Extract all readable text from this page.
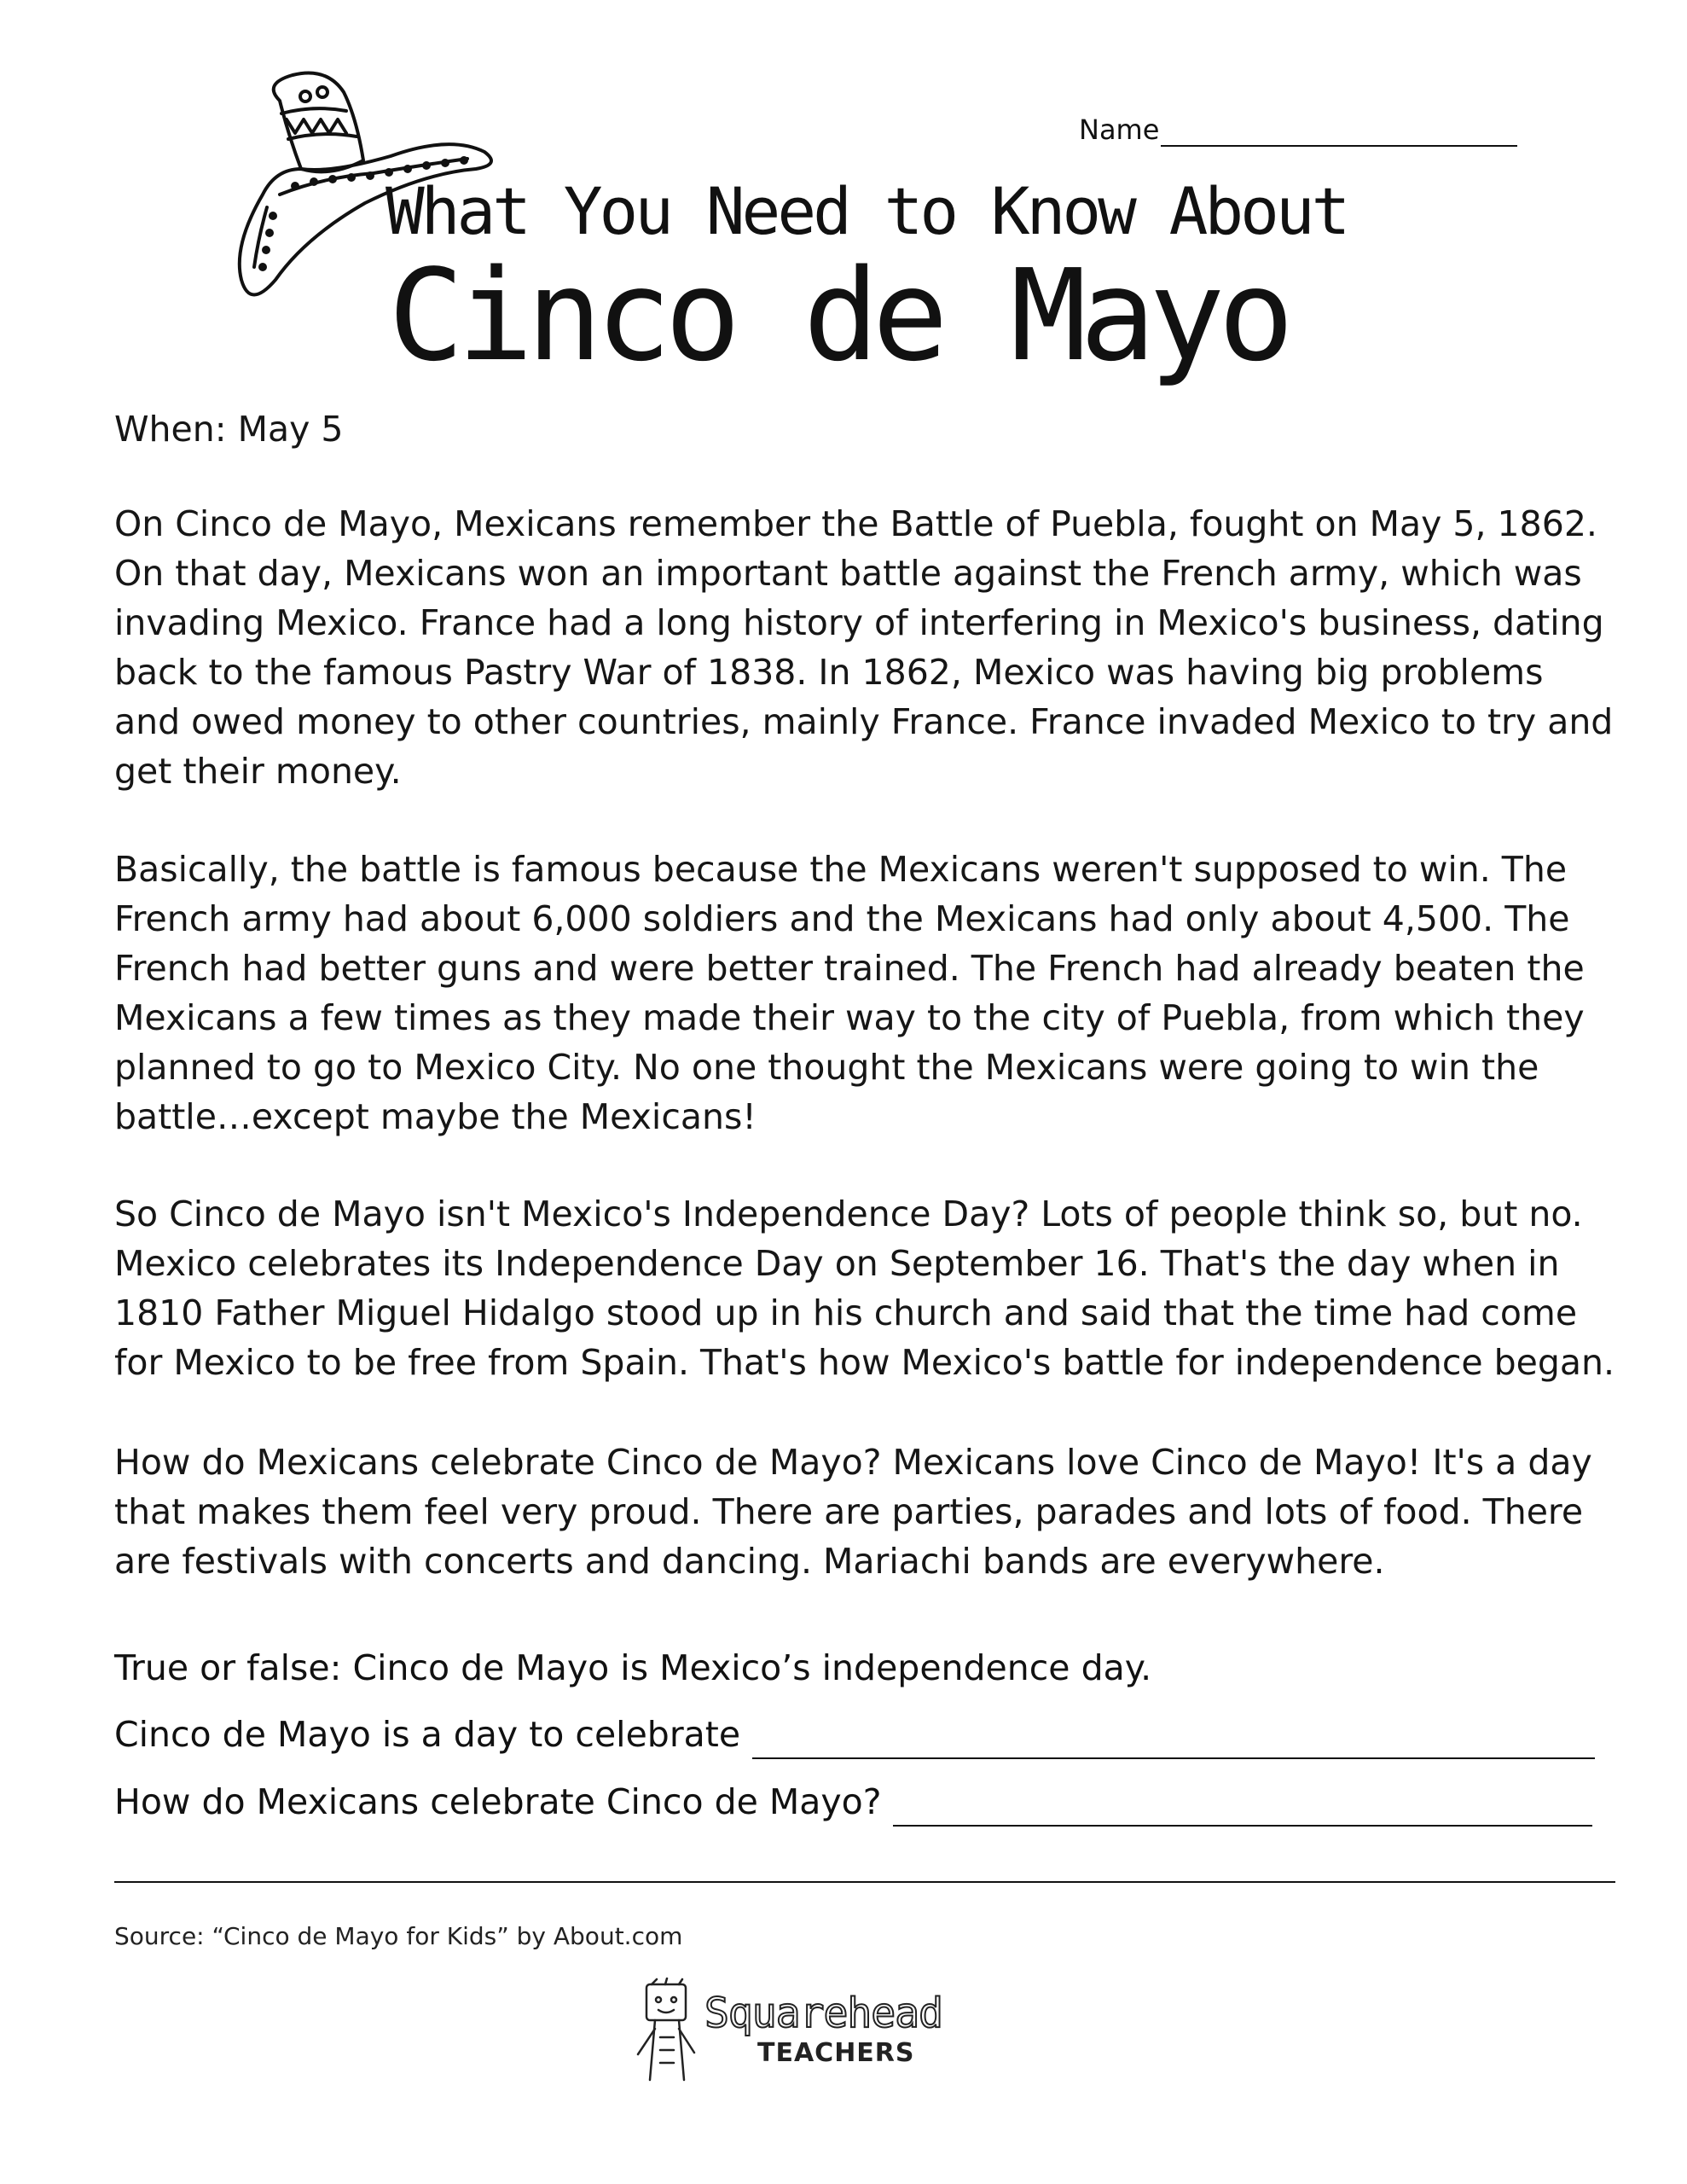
Name
What You Need to Know About
Cinco de Mayo

When: May 5

On Cinco de Mayo, Mexicans remember the Battle of Puebla, fought on May 5, 1862. On that day, Mexicans won an important battle against the French army, which was invading Mexico. France had a long history of interfering in Mexico's business, dating back to the famous Pastry War of 1838. In 1862, Mexico was having big problems and owed money to other countries, mainly France. France invaded Mexico to try and get their money.

Basically, the battle is famous because the Mexicans weren't supposed to win. The French army had about 6,000 soldiers and the Mexicans had only about 4,500. The French had better guns and were better trained. The French had already beaten the Mexicans a few times as they made their way to the city of Puebla, from which they planned to go to Mexico City. No one thought the Mexicans were going to win the battle…except maybe the Mexicans!

So Cinco de Mayo isn't Mexico's Independence Day? Lots of people think so, but no. Mexico celebrates its Independence Day on September 16. That's the day when in 1810 Father Miguel Hidalgo stood up in his church and said that the time had come for Mexico to be free from Spain. That's how Mexico's battle for independence began.

How do Mexicans celebrate Cinco de Mayo? Mexicans love Cinco de Mayo! It's a day that makes them feel very proud. There are parties, parades and lots of food. There are festivals with concerts and dancing. Mariachi bands are everywhere.

True or false: Cinco de Mayo is Mexico’s independence day.
Cinco de Mayo is a day to celebrate
How do Mexicans celebrate Cinco de Mayo?
Source: “Cinco de Mayo for Kids” by About.com
Squarehead
TEACHERS
